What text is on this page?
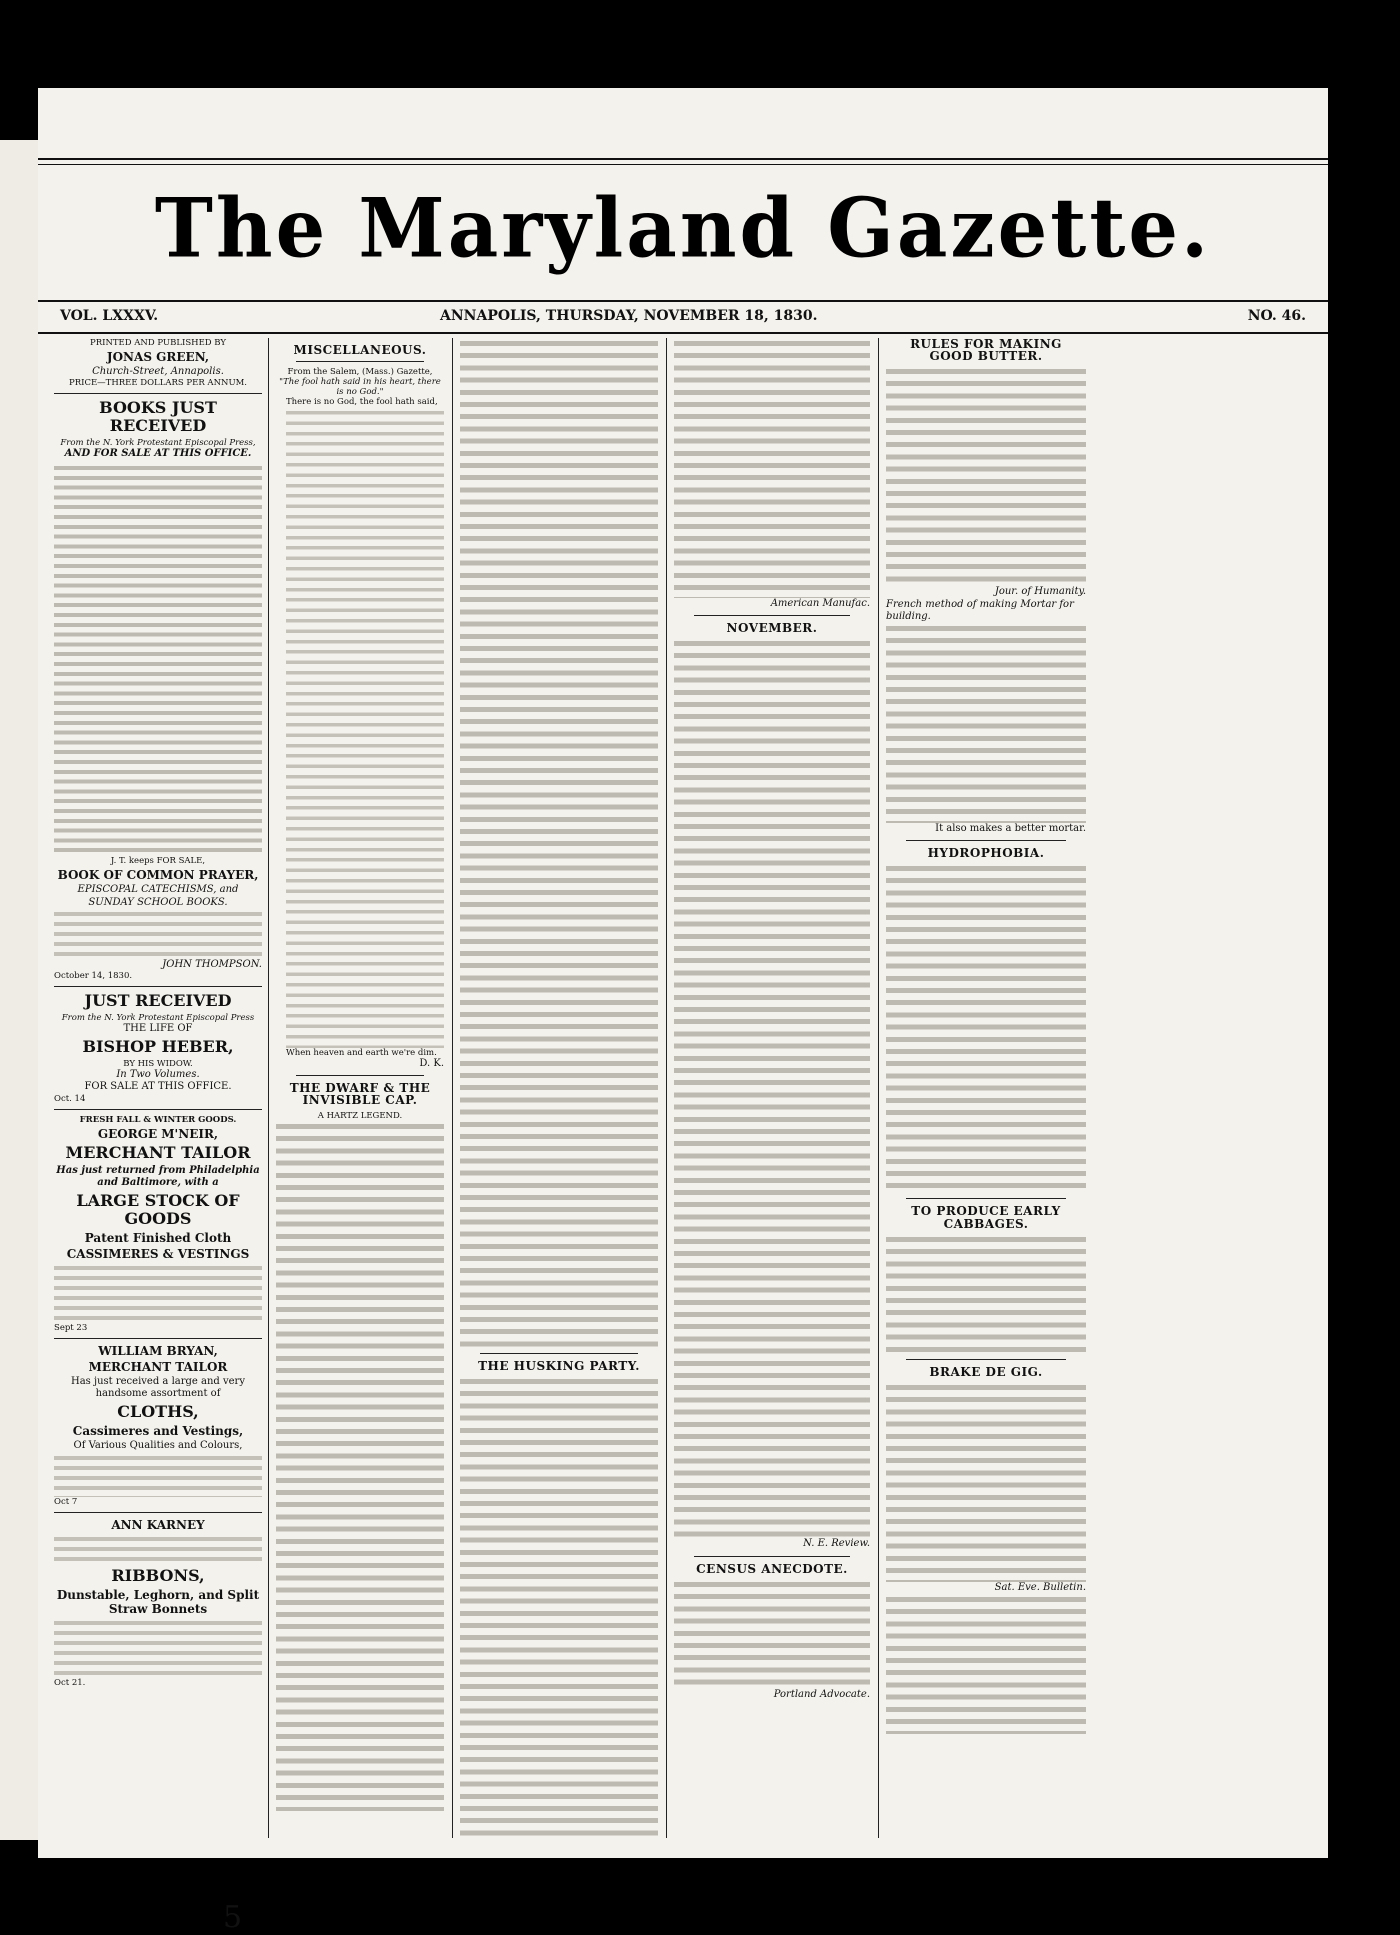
The Maryland Gazette.
VOL. LXXXV.	ANNAPOLIS, THURSDAY, NOVEMBER 18, 1830.	NO. 46.
PRINTED AND PUBLISHED BY
JONAS GREEN,
Church-Street, Annapolis.
PRICE—THREE DOLLARS PER ANNUM.
BOOKS JUST RECEIVED
From the N. York Protestant Episcopal Press,
AND FOR SALE AT THIS OFFICE.
J. T. keeps FOR SALE,
BOOK OF COMMON PRAYER,
EPISCOPAL CATECHISMS, and
SUNDAY SCHOOL BOOKS.
JOHN THOMPSON.
October 14, 1830.
JUST RECEIVED
From the N. York Protestant Episcopal Press
THE LIFE OF
BISHOP HEBER,
BY HIS WIDOW.
In Two Volumes.
FOR SALE AT THIS OFFICE.
Oct. 14
FRESH FALL & WINTER GOODS.
GEORGE M'NEIR,
MERCHANT TAILOR
Has just returned from Philadelphia and Baltimore, with a
LARGE STOCK OF GOODS
Patent Finished Cloth
CASSIMERES & VESTINGS
Sept 23
WILLIAM BRYAN,
MERCHANT TAILOR
Has just received a large and very handsome assortment of
CLOTHS,
Cassimeres and Vestings,
Of Various Qualities and Colours,
Oct 7
ANN KARNEY
RIBBONS,
Dunstable, Leghorn, and Split Straw Bonnets
Oct 21.
MISCELLANEOUS.
From the Salem, (Mass.) Gazette,
"The fool hath said in his heart, there is no God."
There is no God, the fool hath said,
When heaven and earth we're dim.
D. K.
THE DWARF & THE INVISIBLE CAP.
A HARTZ LEGEND.
THE HUSKING PARTY.
American Manufac.
NOVEMBER.
N. E. Review.
CENSUS ANECDOTE.
Portland Advocate.
RULES FOR MAKING GOOD BUTTER.
Jour. of Humanity.
French method of making Mortar for building.
It also makes a better mortar.
HYDROPHOBIA.
TO PRODUCE EARLY CABBAGES.
BRAKE DE GIG.
Sat. Eve. Bulletin.
5
